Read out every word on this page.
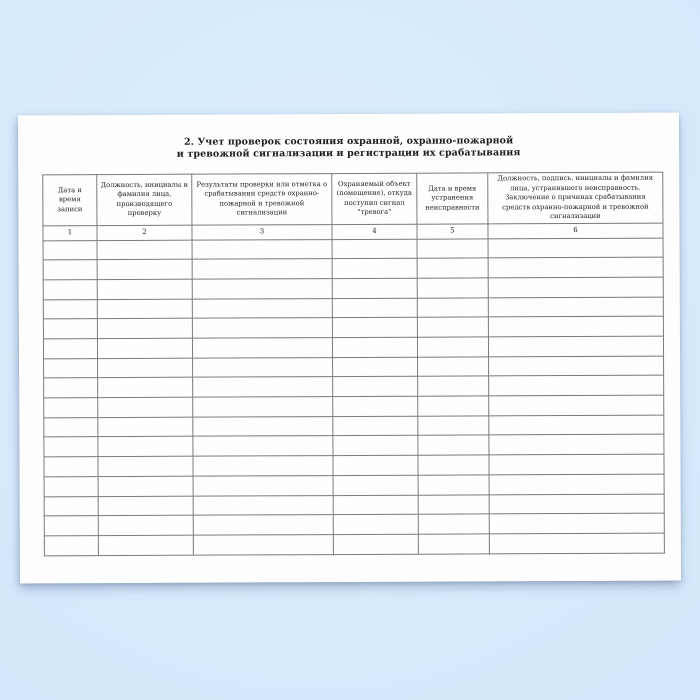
2. Учет проверок состояния охранной, охранно-пожарной
и тревожной сигнализации и регистрации их срабатывания
Дата и время записи	Должность, инициалы и фамилия лица, производящего проверку	Результаты проверки или отметка о срабатывании средств охранно-пожарной и тревожной сигнализации	Охраняемый объект (помещение), откуда поступил сигнал "тревога"	Дата и время устранения неисправности	Должность, подпись, инициалы и фамилия лица, устранившего неисправность. Заключение о причинах срабатывания средств охранно-пожарной и тревожной сигнализации
1	2	3	4	5	6
